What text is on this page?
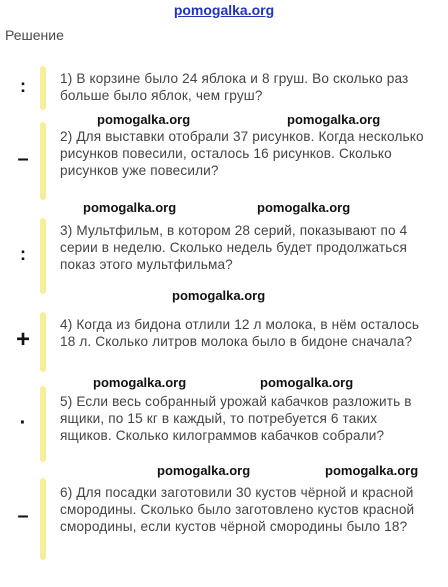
pomogalka.org
Решение
pomogalka.org	pomogalka.org
pomogalka.org	pomogalka.org
pomogalka.org
pomogalka.org	pomogalka.org
pomogalka.org	pomogalka.org
:
–
:
+
·
–
1) В корзине было 24 яблока и 8 груш. Во сколько раз больше было яблок, чем груш?
2) Для выставки отобрали 37 рисунков. Когда несколько рисунков повесили, осталось 16 рисунков. Сколько рисунков уже повесили?
3) Мультфильм, в котором 28 серий, показывают по 4 серии в неделю. Сколько недель будет продолжаться показ этого мультфильма?
4) Когда из бидона отлили 12 л молока, в нём осталось 18 л. Сколько литров молока было в бидоне сначала?
5) Если весь собранный урожай кабачков разложить в ящики, по 15 кг в каждый, то потребуется 6 таких ящиков. Сколько килограммов кабачков собрали?
6) Для посадки заготовили 30 кустов чёрной и красной смородины. Сколько было заготовлено кустов красной смородины, если кустов чёрной смородины было 18?
